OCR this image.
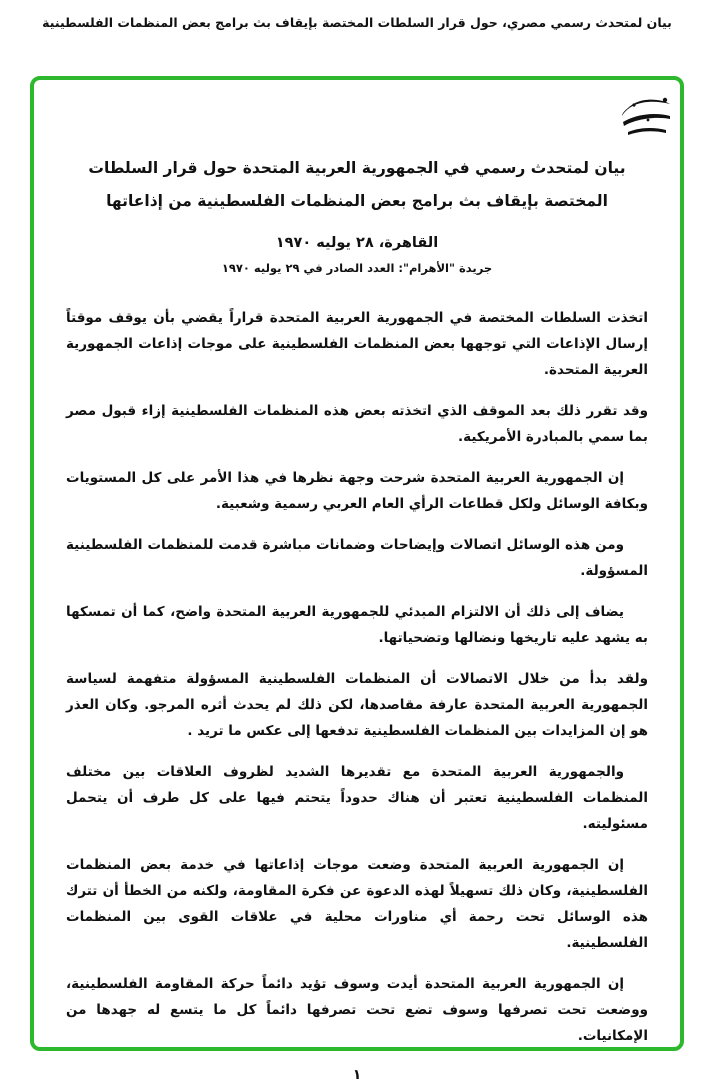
بيان لمتحدث رسمي مصري، حول قرار السلطات المختصة بإيقاف بث برامج بعض المنظمات الفلسطينية
بيان لمتحدث رسمي في الجمهورية العربية المتحدة حول قرار السلطات
المختصة بإيقاف بث برامج بعض المنظمات الفلسطينية من إذاعاتها
القاهرة، ٢٨ يوليه ١٩٧٠
جريدة "الأهرام": العدد الصادر في ٢٩ يوليه ١٩٧٠

اتخذت السلطات المختصة في الجمهورية العربية المتحدة قراراً يقضي بأن يوقف موقتاً إرسال الإذاعات التي توجهها بعض المنظمات الفلسطينية على موجات إذاعات الجمهورية العربية المتحدة.

وقد تقرر ذلك بعد الموقف الذي اتخذته بعض هذه المنظمات الفلسطينية إزاء قبول مصر بما سمي بالمبادرة الأمريكية.

إن الجمهورية العربية المتحدة شرحت وجهة نظرها في هذا الأمر على كل المستويات وبكافة الوسائل ولكل قطاعات الرأي العام العربي رسمية وشعبية.

ومن هذه الوسائل اتصالات وإيضاحات وضمانات مباشرة قدمت للمنظمات الفلسطينية المسؤولة.

يضاف إلى ذلك أن الالتزام المبدئي للجمهورية العربية المتحدة واضح، كما أن تمسكها به يشهد عليه تاريخها ونضالها وتضحياتها.

ولقد بدأ من خلال الاتصالات أن المنظمات الفلسطينية المسؤولة متفهمة لسياسة الجمهورية العربية المتحدة عارفة مقاصدها، لكن ذلك لم يحدث أثره المرجو. وكان العذر هو إن المزايدات بين المنظمات الفلسطينية تدفعها إلى عكس ما تريد .

والجمهورية العربية المتحدة مع تقديرها الشديد لظروف العلاقات بين مختلف المنظمات الفلسطينية تعتبر أن هناك حدوداً يتحتم فيها على كل طرف أن يتحمل مسئوليته.

إن الجمهورية العربية المتحدة وضعت موجات إذاعاتها في خدمة بعض المنظمات الفلسطينية، وكان ذلك تسهيلاً لهذه الدعوة عن فكرة المقاومة، ولكنه من الخطأ أن تترك هذه الوسائل تحت رحمة أي مناورات محلية في علاقات القوى بين المنظمات الفلسطينية.

إن الجمهورية العربية المتحدة أيدت وسوف تؤيد دائماً حركة المقاومة الفلسطينية، ووضعت تحت تصرفها وسوف تضع تحت تصرفها دائماً كل ما يتسع له جهدها من الإمكانيات.

١
